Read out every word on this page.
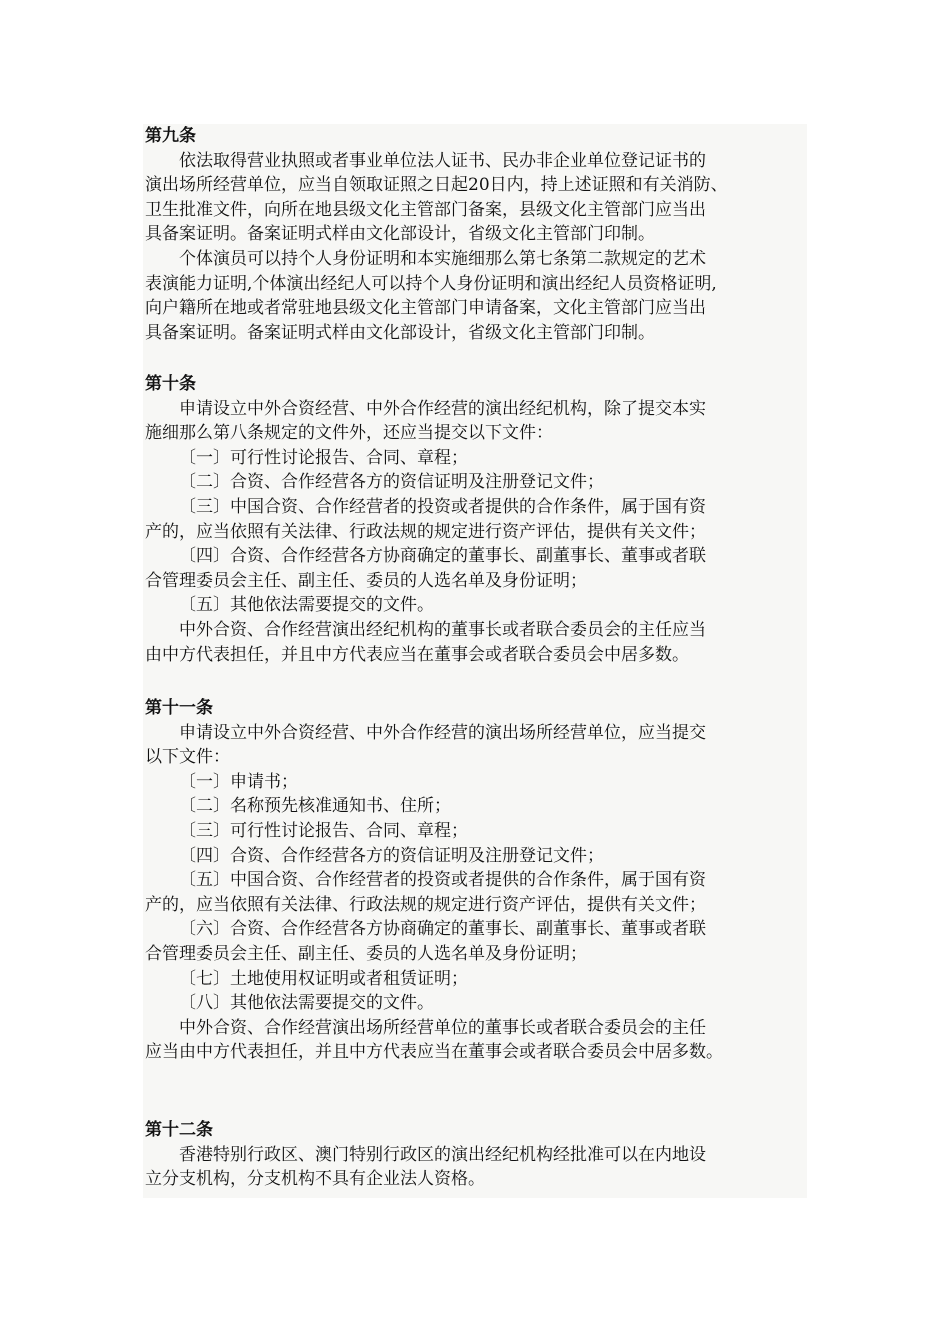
第九条

依法取得营业执照或者事业单位法人证书、民办非企业单位登记证书的
演出场所经营单位，应当自领取证照之日起20日内，持上述证照和有关消防、
卫生批准文件，向所在地县级文化主管部门备案，县级文化主管部门应当出
具备案证明。备案证明式样由文化部设计，省级文化主管部门印制。

个体演员可以持个人身份证明和本实施细那么第七条第二款规定的艺术
表演能力证明,个体演出经纪人可以持个人身份证明和演出经纪人员资格证明,
向户籍所在地或者常驻地县级文化主管部门申请备案，文化主管部门应当出
具备案证明。备案证明式样由文化部设计，省级文化主管部门印制。

第十条

申请设立中外合资经营、中外合作经营的演出经纪机构，除了提交本实
施细那么第八条规定的文件外，还应当提交以下文件：

〔一〕可行性讨论报告、合同、章程；

〔二〕合资、合作经营各方的资信证明及注册登记文件；

〔三〕中国合资、合作经营者的投资或者提供的合作条件，属于国有资
产的，应当依照有关法律、行政法规的规定进行资产评估，提供有关文件；

〔四〕合资、合作经营各方协商确定的董事长、副董事长、董事或者联
合管理委员会主任、副主任、委员的人选名单及身份证明；

〔五〕其他依法需要提交的文件。

中外合资、合作经营演出经纪机构的董事长或者联合委员会的主任应当
由中方代表担任，并且中方代表应当在董事会或者联合委员会中居多数。

第十一条

申请设立中外合资经营、中外合作经营的演出场所经营单位，应当提交
以下文件：

〔一〕申请书；

〔二〕名称预先核准通知书、住所；

〔三〕可行性讨论报告、合同、章程；

〔四〕合资、合作经营各方的资信证明及注册登记文件；

〔五〕中国合资、合作经营者的投资或者提供的合作条件，属于国有资
产的，应当依照有关法律、行政法规的规定进行资产评估，提供有关文件；

〔六〕合资、合作经营各方协商确定的董事长、副董事长、董事或者联
合管理委员会主任、副主任、委员的人选名单及身份证明；

〔七〕土地使用权证明或者租赁证明；

〔八〕其他依法需要提交的文件。

中外合资、合作经营演出场所经营单位的董事长或者联合委员会的主任
应当由中方代表担任，并且中方代表应当在董事会或者联合委员会中居多数。

第十二条

香港特别行政区、澳门特别行政区的演出经纪机构经批准可以在内地设
立分支机构，分支机构不具有企业法人资格。
